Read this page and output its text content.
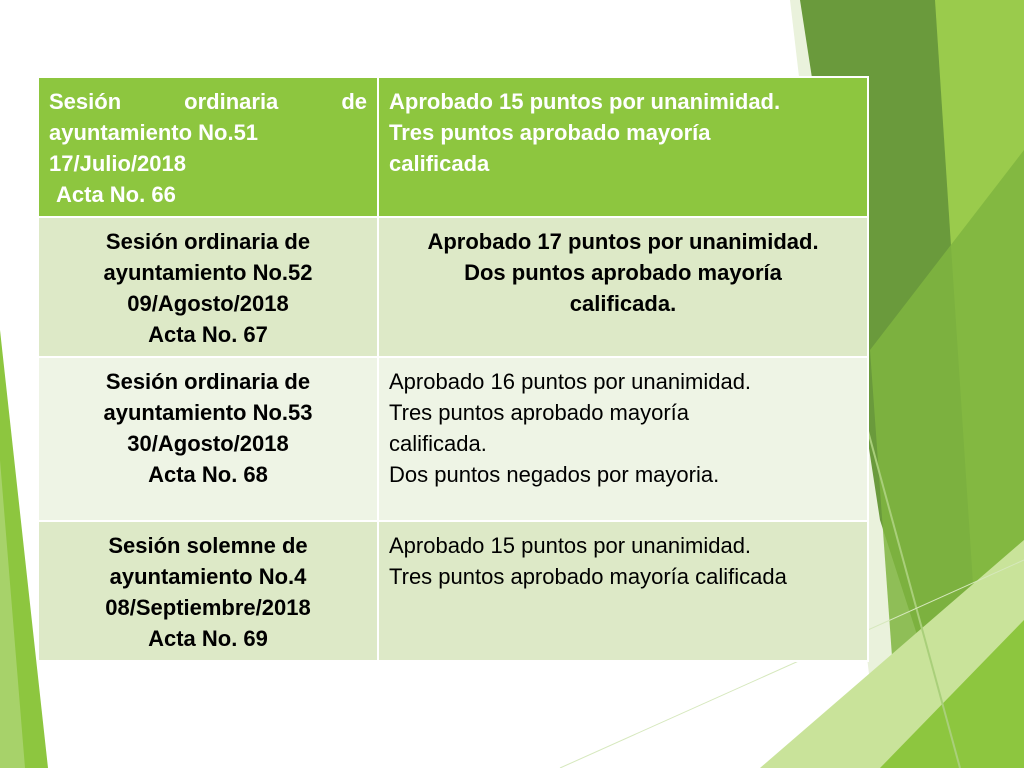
Sesión ordinaria de
ayuntamiento No.51
17/Julio/2018
Acta No. 66	Aprobado 15 puntos por unanimidad.
Tres puntos aprobado mayoría
calificada

Sesión ordinaria de
ayuntamiento No.52
09/Agosto/2018
Acta No. 67	Aprobado 17 puntos por unanimidad.
Dos puntos aprobado mayoría
calificada.

Sesión ordinaria de
ayuntamiento No.53
30/Agosto/2018
Acta No. 68	Aprobado 16 puntos por unanimidad.
Tres puntos aprobado mayoría
calificada.
Dos puntos negados por mayoria.

Sesión solemne de
ayuntamiento No.4
08/Septiembre/2018
Acta No. 69	Aprobado 15 puntos por unanimidad.
Tres puntos aprobado mayoría calificada
